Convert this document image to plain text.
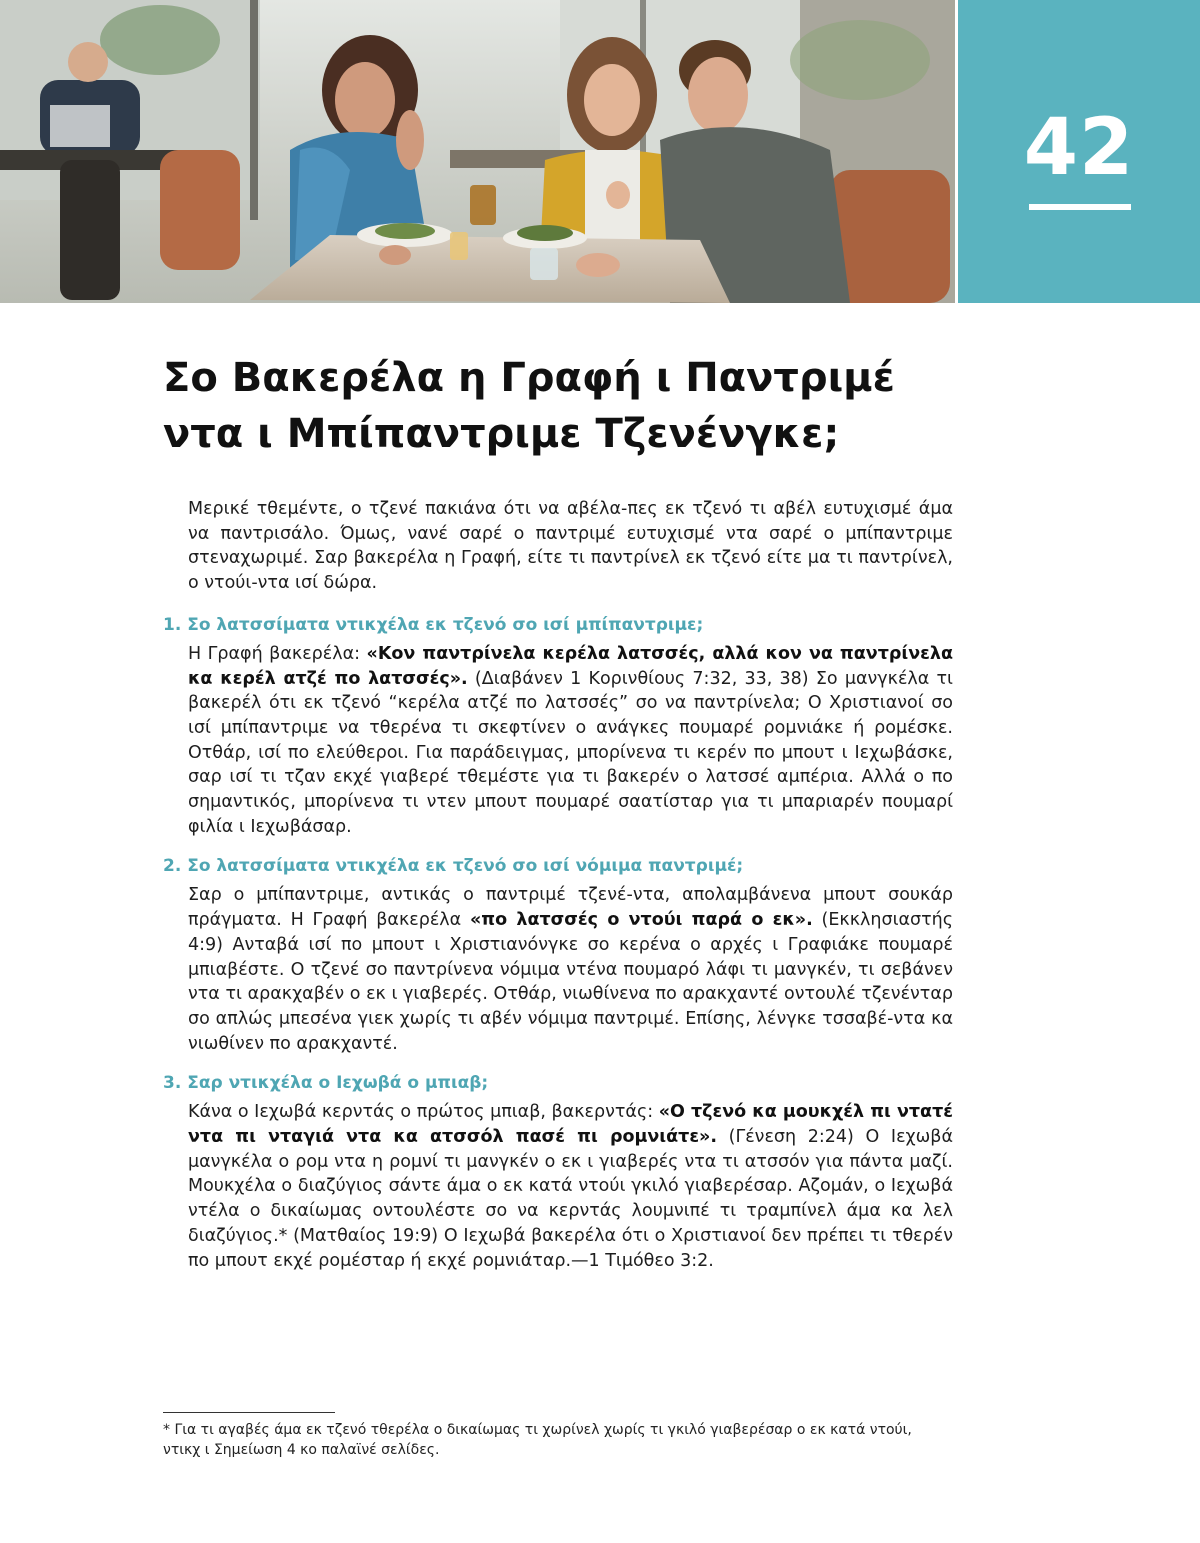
42
Σο Βακερέλα η Γραφή ι Παντριμέ
ντα ι Μπίπαντριμε Τζενένγκε;

Μερικέ τθεμέντε, ο τζενέ πακιάνα ότι να αβέλα-πες εκ τζενό τι αβέλ ευτυχισμέ άμα να παντρισάλο. Όμως, νανέ σαρέ ο παντριμέ ευτυχισμέ ντα σαρέ ο μπίπαντριμε στεναχωριμέ. Σαρ βακερέλα η Γραφή, είτε τι παντρίνελ εκ τζενό είτε μα τι παντρίνελ, ο ντούι-ντα ισί δώρα.

1. Σο λατσσίματα ντικχέλα εκ τζενό σο ισί μπίπαντριμε;

Η Γραφή βακερέλα: «Κον παντρίνελα κερέλα λατσσές, αλλά κον να παντρίνελα κα κερέλ ατζέ πο λατσσές». (Διαβάνεν 1 Κορινθίους 7:32, 33, 38) Σο μανγκέλα τι βακερέλ ότι εκ τζενό “κερέλα ατζέ πο λατσσές” σο να παντρίνελα; Ο Χριστιανοί σο ισί μπίπαντριμε να τθερένα τι σκεφτίνεν ο ανάγκες πουμαρέ ρομνιάκε ή ρομέσκε. Οτθάρ, ισί πο ελεύθεροι. Για παράδειγμας, μπορίνενα τι κερέν πο μπουτ ι Ιεχωβάσκε, σαρ ισί τι τζαν εκχέ γιαβερέ τθεμέστε για τι βακερέν ο λατσσέ αμπέρια. Αλλά ο πο σημαντικός, μπορίνενα τι ντεν μπουτ πουμαρέ σαατίσταρ για τι μπαριαρέν πουμαρί φιλία ι Ιεχωβάσαρ.

2. Σο λατσσίματα ντικχέλα εκ τζενό σο ισί νόμιμα παντριμέ;

Σαρ ο μπίπαντριμε, αντικάς ο παντριμέ τζενέ-ντα, απολαμβάνενα μπουτ σουκάρ πράγματα. Η Γραφή βακερέλα «πο λατσσές ο ντούι παρά ο εκ». (Εκκλησιαστής 4:9) Ανταβά ισί πο μπουτ ι Χριστιανόνγκε σο κερένα ο αρχές ι Γραφιάκε πουμαρέ μπιαβέστε. Ο τζενέ σο παντρίνενα νόμιμα ντένα πουμαρό λάφι τι μανγκέν, τι σεβάνεν ντα τι αρακχαβέν ο εκ ι γιαβερές. Οτθάρ, νιωθίνενα πο αρακχαντέ οντουλέ τζενένταρ σο απλώς μπεσένα γιεκ χωρίς τι αβέν νόμιμα παντριμέ. Επίσης, λένγκε τσσαβέ-ντα κα νιωθίνεν πο αρακχαντέ.

3. Σαρ ντικχέλα ο Ιεχωβά ο μπιαβ;

Κάνα ο Ιεχωβά κερντάς ο πρώτος μπιαβ, βακερντάς: «Ο τζενό κα μουκχέλ πι ντατέ ντα πι νταγιά ντα κα ατσσόλ πασέ πι ρομνιάτε». (Γένεση 2:24) Ο Ιεχωβά μανγκέλα ο ρομ ντα η ρομνί τι μανγκέν ο εκ ι γιαβερές ντα τι ατσσόν για πάντα μαζί. Μουκχέλα ο διαζύγιος σάντε άμα ο εκ κατά ντούι γκιλό γιαβερέσαρ. Αζομάν, ο Ιεχωβά ντέλα ο δικαίωμας οντουλέστε σο να κερντάς λουμνιπέ τι τραμπίνελ άμα κα λελ διαζύγιος.* (Ματθαίος 19:9) Ο Ιεχωβά βακερέλα ότι ο Χριστιανοί δεν πρέπει τι τθερέν πο μπουτ εκχέ ρομέσταρ ή εκχέ ρομνιάταρ.—1 Τιμόθεο 3:2.

* Για τι αγαβές άμα εκ τζενό τθερέλα ο δικαίωμας τι χωρίνελ χωρίς τι γκιλό γιαβερέσαρ ο εκ κατά ντούι, ντικχ ι Σημείωση 4 κο παλαϊνέ σελίδες.
